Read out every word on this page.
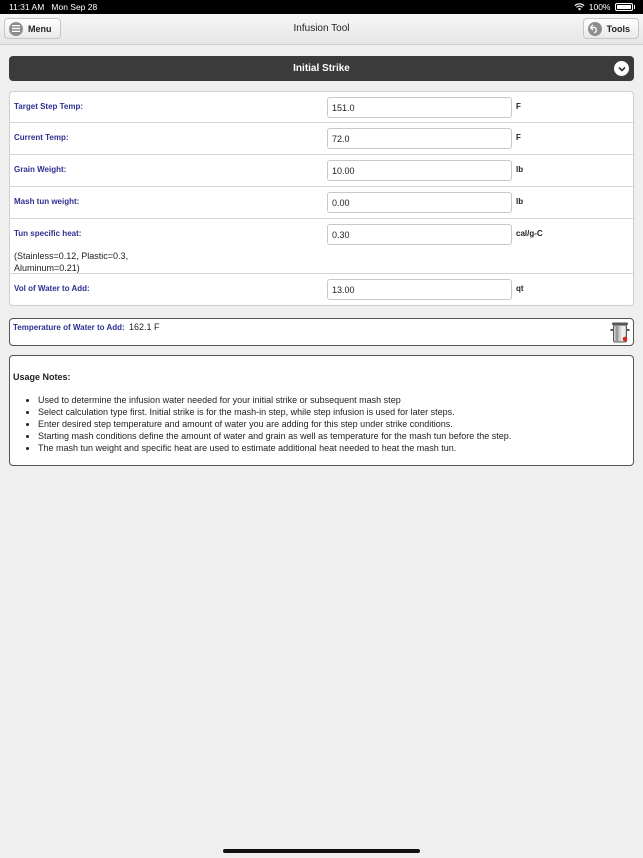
11:31 AM Mon Sep 28	100%
Menu	Infusion Tool	Tools
Initial Strike
Target Step Temp:	151.0	F
Current Temp:	72.0	F
Grain Weight:	10.00	lb
Mash tun weight:	0.00	lb
Tun specific heat:	0.30	cal/g-C
(Stainless=0.12, Plastic=0.3, Aluminum=0.21)
Vol of Water to Add:	13.00	qt
Temperature of Water to Add: 162.1 F
Usage Notes:
• Used to determine the infusion water needed for your initial strike or subsequent mash step
• Select calculation type first. Initial strike is for the mash-in step, while step infusion is used for later steps.
• Enter desired step temperature and amount of water you are adding for this step under strike conditions.
• Starting mash conditions define the amount of water and grain as well as temperature for the mash tun before the step.
• The mash tun weight and specific heat are used to estimate additional heat needed to heat the mash tun.
